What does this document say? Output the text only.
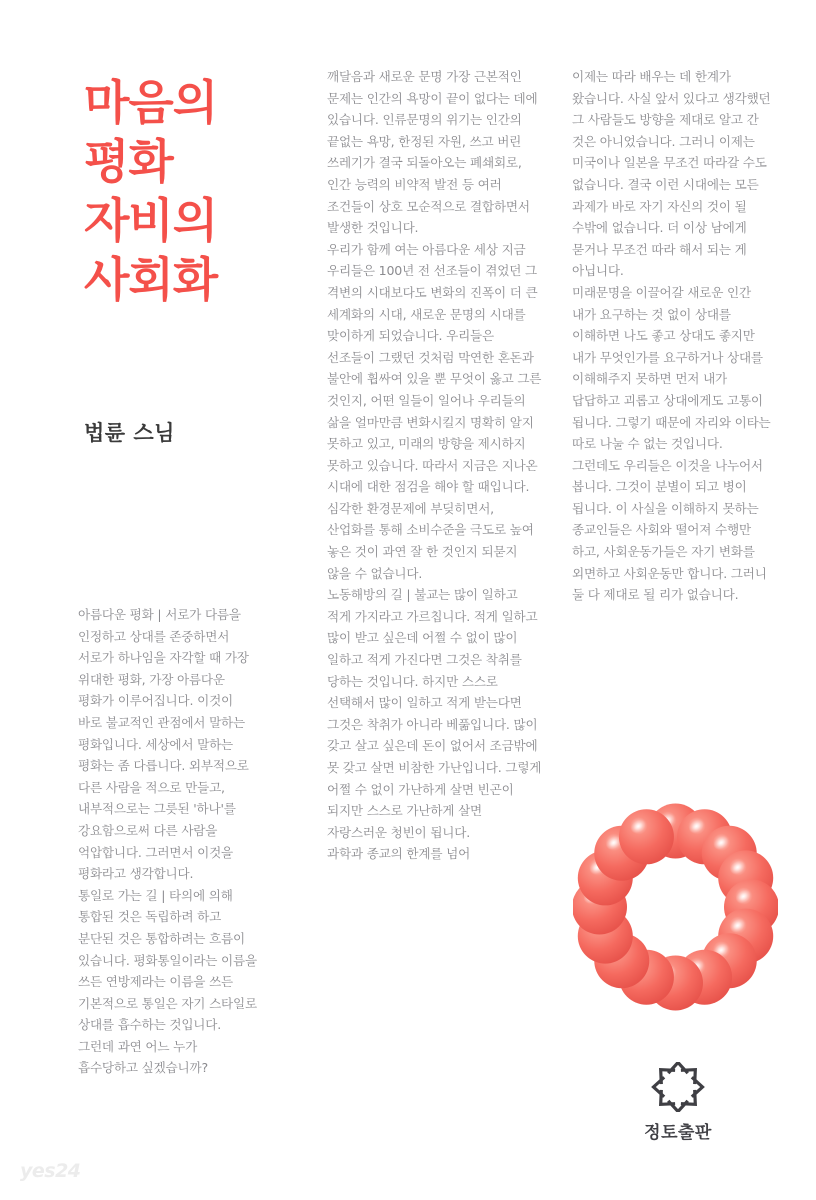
마음의
평화
자비의
사회화
법륜 스님

아름다운 평화 | 서로가 다름을 인정하고 상대를 존중하면서 서로가 하나임을 자각할 때 가장 위대한 평화, 가장 아름다운 평화가 이루어집니다. 이것이 바로 불교적인 관점에서 말하는 평화입니다. 세상에서 말하는 평화는 좀 다릅니다. 외부적으로 다른 사람을 적으로 만들고, 내부적으로는 그릇된 '하나'를 강요함으로써 다른 사람을 억압합니다. 그러면서 이것을 평화라고 생각합니다.

통일로 가는 길 | 타의에 의해 통합된 것은 독립하려 하고 분단된 것은 통합하려는 흐름이 있습니다. 평화통일이라는 이름을 쓰든 연방제라는 이름을 쓰든 기본적으로 통일은 자기 스타일로 상대를 흡수하는 것입니다. 그런데 과연 어느 누가 흡수당하고 싶겠습니까?

깨달음과 새로운 문명 가장 근본적인 문제는 인간의 욕망이 끝이 없다는 데에 있습니다. 인류문명의 위기는 인간의 끝없는 욕망, 한정된 자원, 쓰고 버린 쓰레기가 결국 되돌아오는 폐쇄회로, 인간 능력의 비약적 발전 등 여러 조건들이 상호 모순적으로 결합하면서 발생한 것입니다.

우리가 함께 여는 아름다운 세상 지금 우리들은 100년 전 선조들이 겪었던 그 격변의 시대보다도 변화의 진폭이 더 큰 세계화의 시대, 새로운 문명의 시대를 맞이하게 되었습니다. 우리들은 선조들이 그랬던 것처럼 막연한 혼돈과 불안에 휩싸여 있을 뿐 무엇이 옳고 그른 것인지, 어떤 일들이 일어나 우리들의 삶을 얼마만큼 변화시킬지 명확히 알지 못하고 있고, 미래의 방향을 제시하지 못하고 있습니다. 따라서 지금은 지나온 시대에 대한 점검을 해야 할 때입니다. 심각한 환경문제에 부딪히면서, 산업화를 통해 소비수준을 극도로 높여 놓은 것이 과연 잘 한 것인지 되묻지 않을 수 없습니다.

노동해방의 길 | 불교는 많이 일하고 적게 가지라고 가르칩니다. 적게 일하고 많이 받고 싶은데 어쩔 수 없이 많이 일하고 적게 가진다면 그것은 착취를 당하는 것입니다. 하지만 스스로 선택해서 많이 일하고 적게 받는다면 그것은 착취가 아니라 베풂입니다. 많이 갖고 살고 싶은데 돈이 없어서 조금밖에 못 갖고 살면 비참한 가난입니다. 그렇게 어쩔 수 없이 가난하게 살면 빈곤이 되지만 스스로 가난하게 살면 자랑스러운 청빈이 됩니다.

과학과 종교의 한계를 넘어

이제는 따라 배우는 데 한계가 왔습니다. 사실 앞서 있다고 생각했던 그 사람들도 방향을 제대로 알고 간 것은 아니었습니다. 그러니 이제는 미국이나 일본을 무조건 따라갈 수도 없습니다. 결국 이런 시대에는 모든 과제가 바로 자기 자신의 것이 될 수밖에 없습니다. 더 이상 남에게 묻거나 무조건 따라 해서 되는 게 아닙니다.

미래문명을 이끌어갈 새로운 인간 내가 요구하는 것 없이 상대를 이해하면 나도 좋고 상대도 좋지만 내가 무엇인가를 요구하거나 상대를 이해해주지 못하면 먼저 내가 답답하고 괴롭고 상대에게도 고통이 됩니다. 그렇기 때문에 자리와 이타는 따로 나눌 수 없는 것입니다. 그런데도 우리들은 이것을 나누어서 봅니다. 그것이 분별이 되고 병이 됩니다. 이 사실을 이해하지 못하는 종교인들은 사회와 떨어져 수행만 하고, 사회운동가들은 자기 변화를 외면하고 사회운동만 합니다. 그러니 둘 다 제대로 될 리가 없습니다.

정토출판
yes24
